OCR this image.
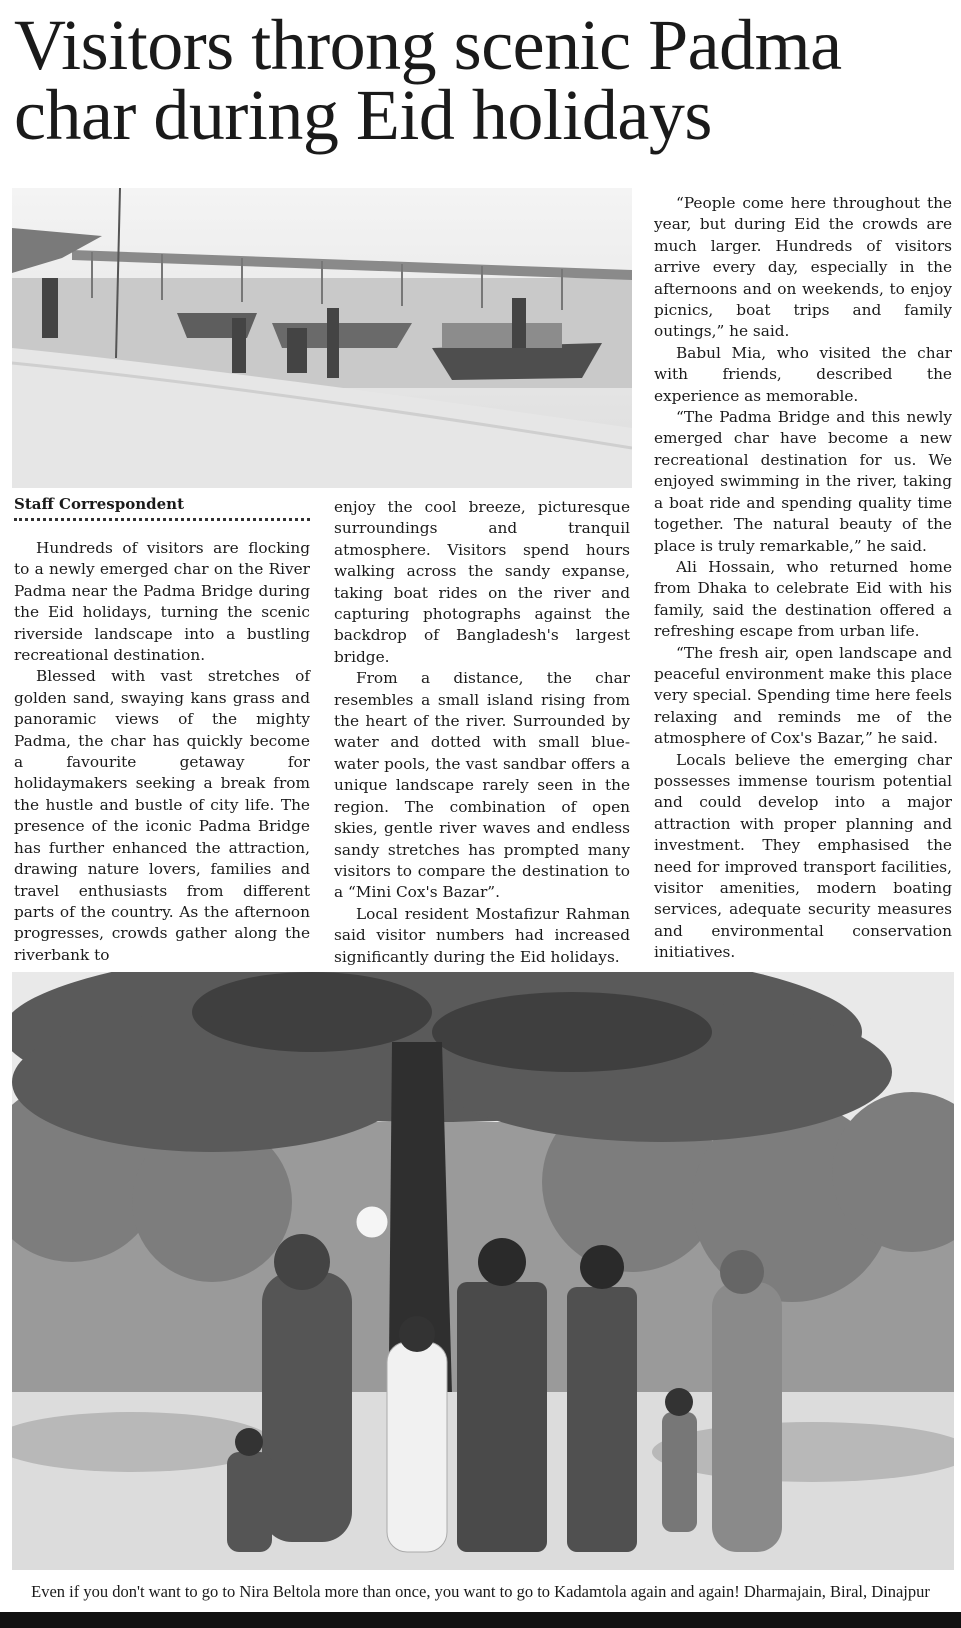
Visitors throng scenic Padma char during Eid holidays
Staff Correspondent

Hundreds of visitors are flocking to a newly emerged char on the River Padma near the Padma Bridge during the Eid holidays, turning the scenic riverside landscape into a bustling recreational destination.

Blessed with vast stretches of golden sand, swaying kans grass and panoramic views of the mighty Padma, the char has quickly become a favourite getaway for holidaymakers seeking a break from the hustle and bustle of city life. The presence of the iconic Padma Bridge has further enhanced the attraction, drawing nature lovers, families and travel enthusiasts from different parts of the country. As the afternoon progresses, crowds gather along the riverbank to

enjoy the cool breeze, picturesque surroundings and tranquil atmosphere. Visitors spend hours walking across the sandy expanse, taking boat rides on the river and capturing photographs against the backdrop of Bangladesh's largest bridge.

From a distance, the char resembles a small island rising from the heart of the river. Surrounded by water and dotted with small blue-water pools, the vast sandbar offers a unique landscape rarely seen in the region. The combination of open skies, gentle river waves and endless sandy stretches has prompted many visitors to compare the destination to a “Mini Cox's Bazar”.

Local resident Mostafizur Rahman said visitor numbers had increased significantly during the Eid holidays.

“People come here throughout the year, but during Eid the crowds are much larger. Hundreds of visitors arrive every day, especially in the afternoons and on weekends, to enjoy picnics, boat trips and family outings,” he said.

Babul Mia, who visited the char with friends, described the experience as memorable.

“The Padma Bridge and this newly emerged char have become a new recreational destination for us. We enjoyed swimming in the river, taking a boat ride and spending quality time together. The natural beauty of the place is truly remarkable,” he said.

Ali Hossain, who returned home from Dhaka to celebrate Eid with his family, said the destination offered a refreshing escape from urban life.

“The fresh air, open landscape and peaceful environment make this place very special. Spending time here feels relaxing and reminds me of the atmosphere of Cox's Bazar,” he said.

Locals believe the emerging char possesses immense tourism potential and could develop into a major attraction with proper planning and investment. They emphasised the need for improved transport facilities, visitor amenities, modern boating services, adequate security measures and environmental conservation initiatives.

Even if you don't want to go to Nira Beltola more than once, you want to go to Kadamtola again and again! Dharmajain, Biral, Dinajpur
